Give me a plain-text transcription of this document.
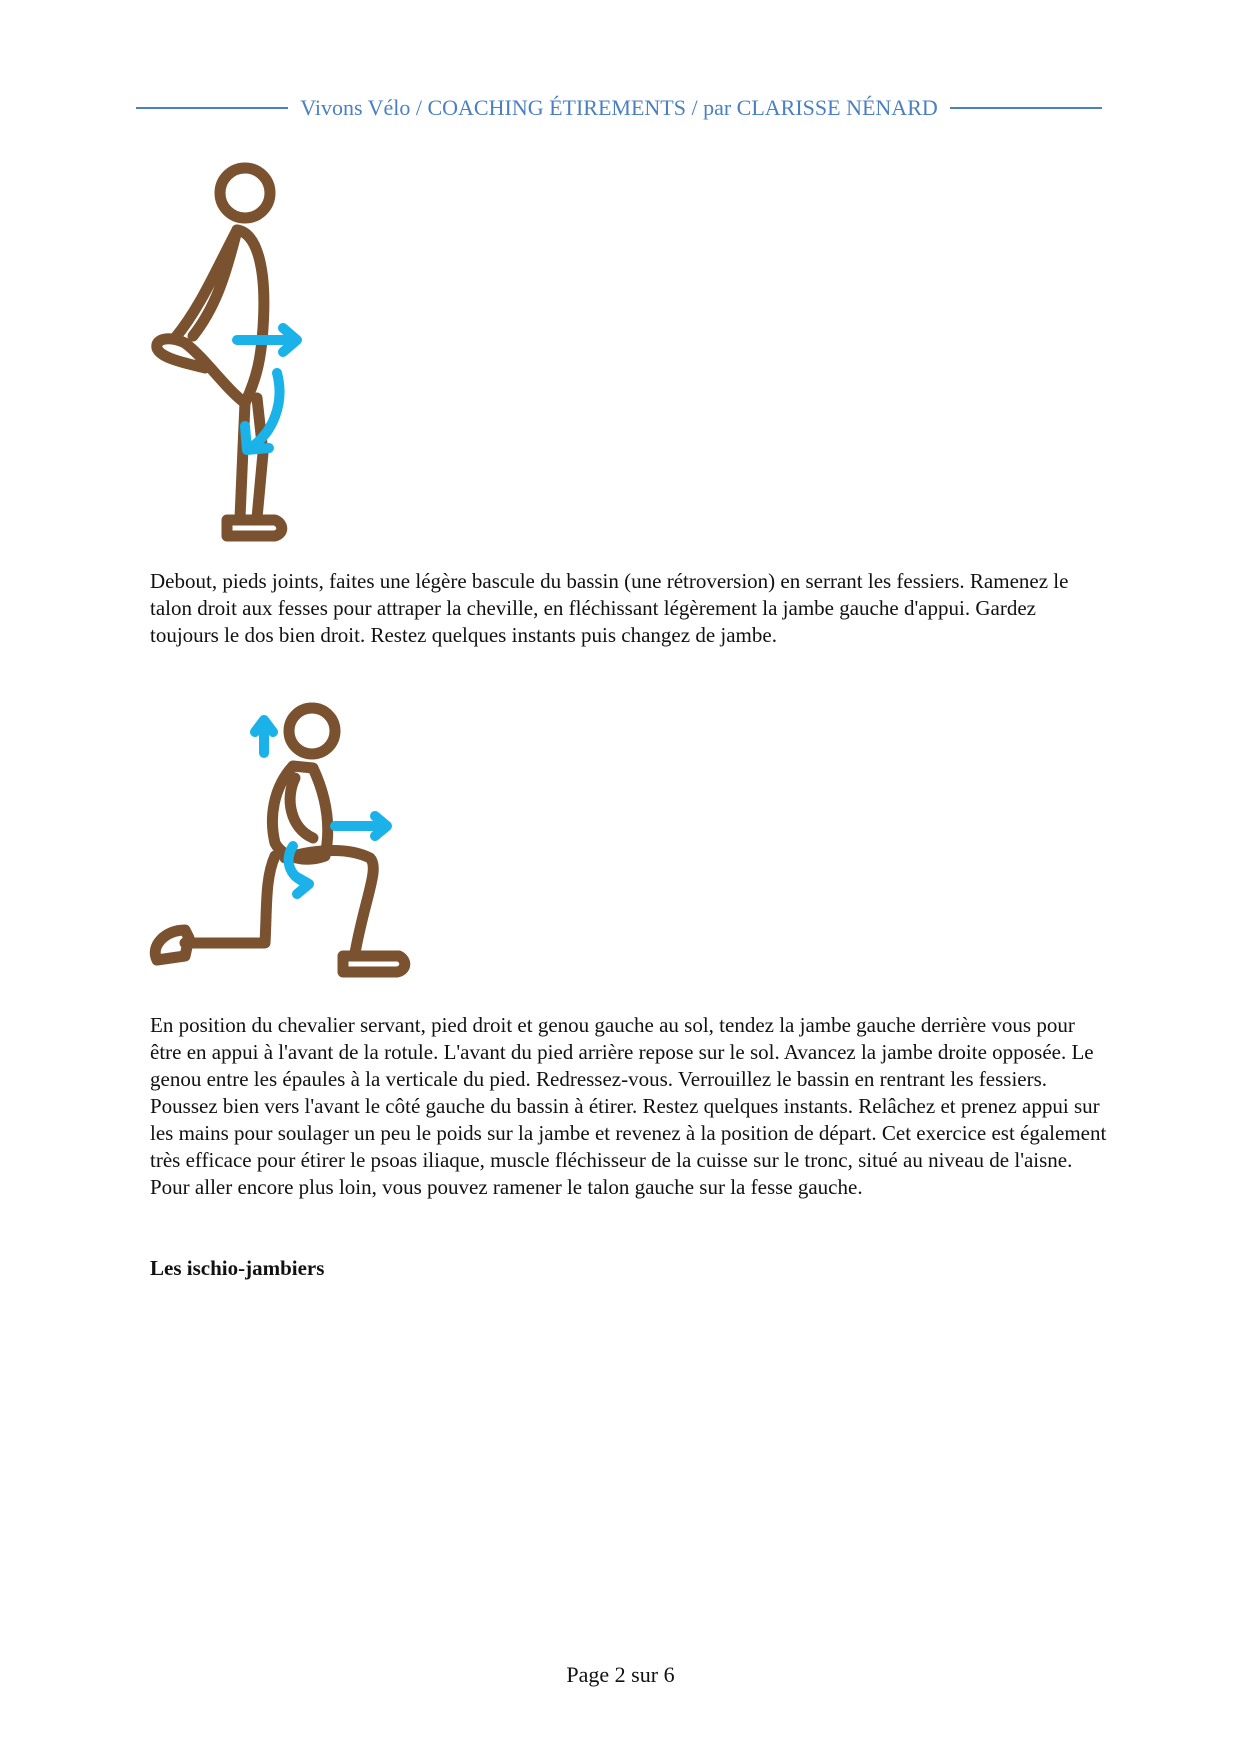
Vivons Vélo / COACHING ÉTIREMENTS / par CLARISSE NÉNARD

Debout, pieds joints, faites une légère bascule du bassin (une rétroversion) en serrant les fessiers. Ramenez le talon droit aux fesses pour attraper la cheville, en fléchissant légèrement la jambe gauche d'appui. Gardez toujours le dos bien droit. Restez quelques instants puis changez de jambe.

En position du chevalier servant, pied droit et genou gauche au sol, tendez la jambe gauche derrière vous pour être en appui à l'avant de la rotule. L'avant du pied arrière repose sur le sol. Avancez la jambe droite opposée. Le genou entre les épaules à la verticale du pied. Redressez-vous. Verrouillez le bassin en rentrant les fessiers. Poussez bien vers l'avant le côté gauche du bassin à étirer. Restez quelques instants. Relâchez et prenez appui sur les mains pour soulager un peu le poids sur la jambe et revenez à la position de départ. Cet exercice est également très efficace pour étirer le psoas iliaque, muscle fléchisseur de la cuisse sur le tronc, situé au niveau de l'aisne. Pour aller encore plus loin, vous pouvez ramener le talon gauche sur la fesse gauche.

Les ischio-jambiers
Page 2 sur 6
